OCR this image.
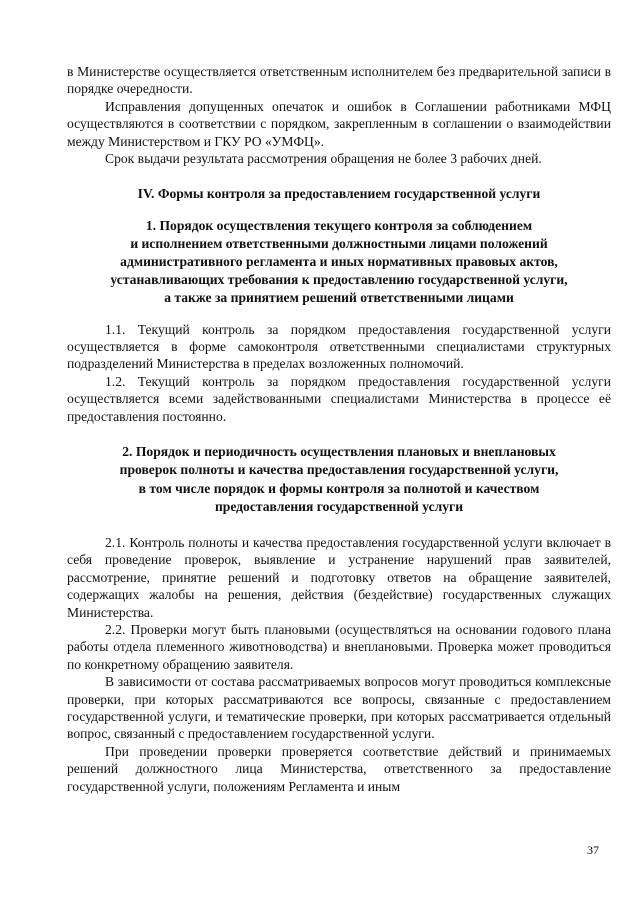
в Министерстве осуществляется ответственным исполнителем без предварительной записи в порядке очередности.

Исправления допущенных опечаток и ошибок в Соглашении работниками МФЦ осуществляются в соответствии с порядком, закрепленным в соглашении о взаимодействии между Министерством и ГКУ РО «УМФЦ».

Срок выдачи результата рассмотрения обращения не более 3 рабочих дней.

IV. Формы контроля за предоставлением государственной услуги

1. Порядок осуществления текущего контроля за соблюдением

и исполнением ответственными должностными лицами положений

административного регламента и иных нормативных правовых актов,

устанавливающих требования к предоставлению государственной услуги,

а также за принятием решений ответственными лицами

1.1. Текущий контроль за порядком предоставления государственной услуги осуществляется в форме самоконтроля ответственными специалистами структурных подразделений Министерства в пределах возложенных полномочий.

1.2. Текущий контроль за порядком предоставления государственной услуги осуществляется всеми задействованными специалистами Министерства в процессе её предоставления постоянно.

2. Порядок и периодичность осуществления плановых и внеплановых

проверок полноты и качества предоставления государственной услуги,

в том числе порядок и формы контроля за полнотой и качеством

предоставления государственной услуги

2.1. Контроль полноты и качества предоставления государственной услуги включает в себя проведение проверок, выявление и устранение нарушений прав заявителей, рассмотрение, принятие решений и подготовку ответов на обращение заявителей, содержащих жалобы на решения, действия (бездействие) государственных служащих Министерства.

2.2. Проверки могут быть плановыми (осуществляться на основании годового плана работы отдела племенного животноводства) и внеплановыми. Проверка может проводиться по конкретному обращению заявителя.

В зависимости от состава рассматриваемых вопросов могут проводиться комплексные проверки, при которых рассматриваются все вопросы, связанные с предоставлением государственной услуги, и тематические проверки, при которых рассматривается отдельный вопрос, связанный с предоставлением государственной услуги.

При проведении проверки проверяется соответствие действий и принимаемых решений должностного лица Министерства, ответственного за предоставление государственной услуги, положениям Регламента и иным

37
